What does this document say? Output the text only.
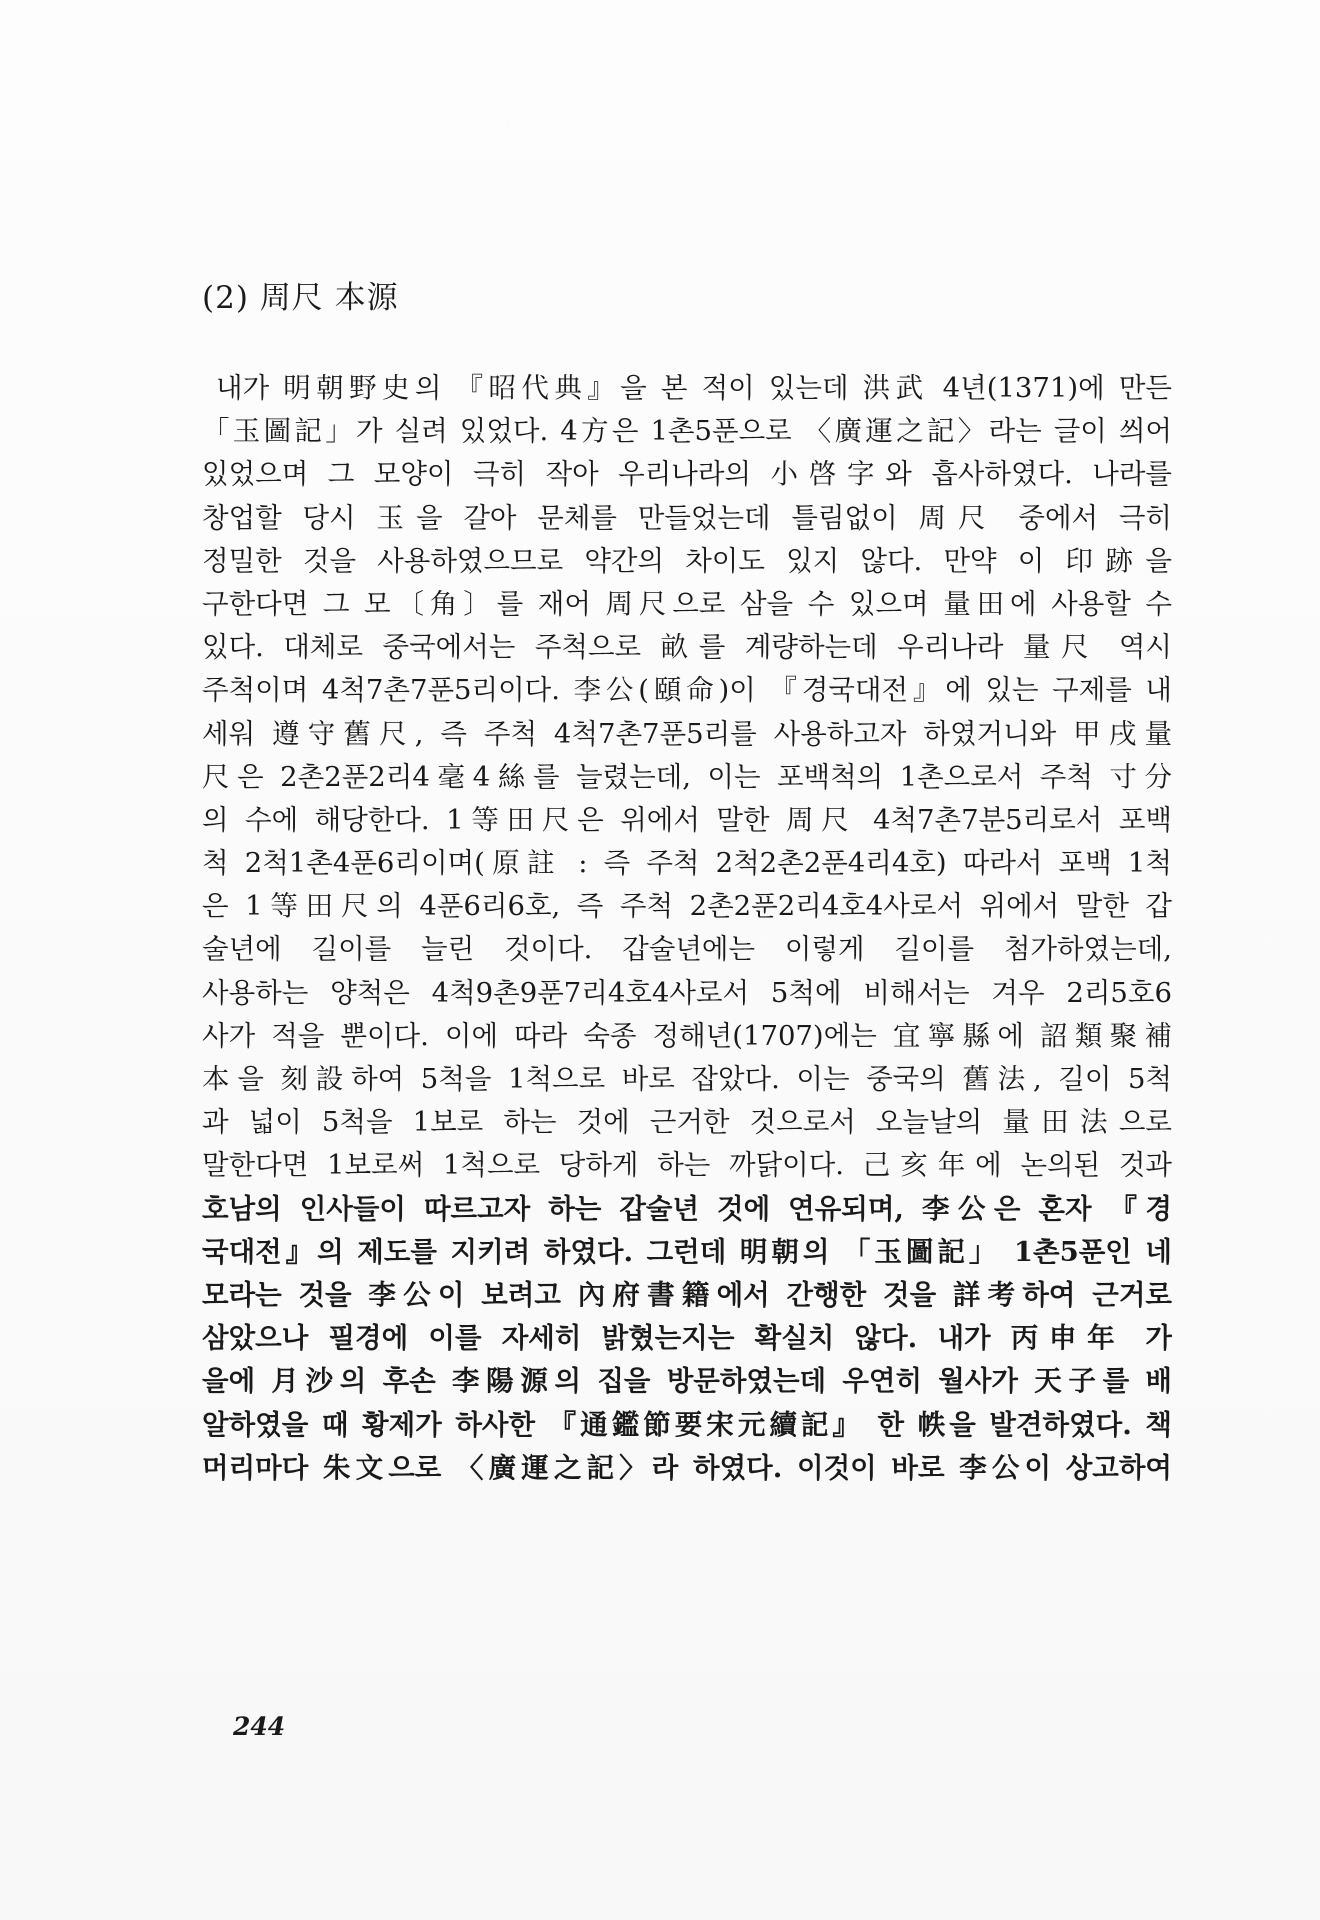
(2) 周尺 本源
내가 明朝野史의 『昭代典』을 본 적이 있는데 洪武 4년(1371)에 만든
「玉圖記」가 실려 있었다. 4方은 1촌5푼으로 〈廣運之記〉라는 글이 씌어
있었으며 그 모양이 극히 작아 우리나라의 小啓字와 흡사하였다. 나라를
창업할 당시 玉을 갈아 문체를 만들었는데 틀림없이 周尺 중에서 극히
정밀한 것을 사용하였으므로 약간의 차이도 있지 않다. 만약 이 印跡을
구한다면 그 모〔角〕를 재어 周尺으로 삼을 수 있으며 量田에 사용할 수
있다. 대체로 중국에서는 주척으로 畝를 계량하는데 우리나라 量尺 역시
주척이며 4척7촌7푼5리이다. 李公(頤命)이 『경국대전』에 있는 구제를 내
세워 遵守舊尺, 즉 주척 4척7촌7푼5리를 사용하고자 하였거니와 甲戌量
尺은 2촌2푼2리4毫4絲를 늘렸는데, 이는 포백척의 1촌으로서 주척 寸分
의 수에 해당한다. 1等田尺은 위에서 말한 周尺 4척7촌7분5리로서 포백
척 2척1촌4푼6리이며(原註 : 즉 주척 2척2촌2푼4리4호) 따라서 포백 1척
은 1等田尺의 4푼6리6호, 즉 주척 2촌2푼2리4호4사로서 위에서 말한 갑
술년에 길이를 늘린 것이다. 갑술년에는 이렇게 길이를 첨가하였는데,
사용하는 양척은 4척9촌9푼7리4호4사로서 5척에 비해서는 겨우 2리5호6
사가 적을 뿐이다. 이에 따라 숙종 정해년(1707)에는 宜寧縣에 詔類聚補
本을 刻設하여 5척을 1척으로 바로 잡았다. 이는 중국의 舊法, 길이 5척
과 넓이 5척을 1보로 하는 것에 근거한 것으로서 오늘날의 量田法으로
말한다면 1보로써 1척으로 당하게 하는 까닭이다. 己亥年에 논의된 것과
호남의 인사들이 따르고자 하는 갑술년 것에 연유되며, 李公은 혼자 『경
국대전』의 제도를 지키려 하였다. 그런데 明朝의 「玉圖記」 1촌5푼인 네
모라는 것을 李公이 보려고 內府書籍에서 간행한 것을 詳考하여 근거로
삼았으나 필경에 이를 자세히 밝혔는지는 확실치 않다. 내가 丙申年 가
을에 月沙의 후손 李陽源의 집을 방문하였는데 우연히 월사가 天子를 배
알하였을 때 황제가 하사한 『通鑑節要宋元續記』 한 帙을 발견하였다. 책
머리마다 朱文으로 〈廣運之記〉라 하였다. 이것이 바로 李公이 상고하여
244
